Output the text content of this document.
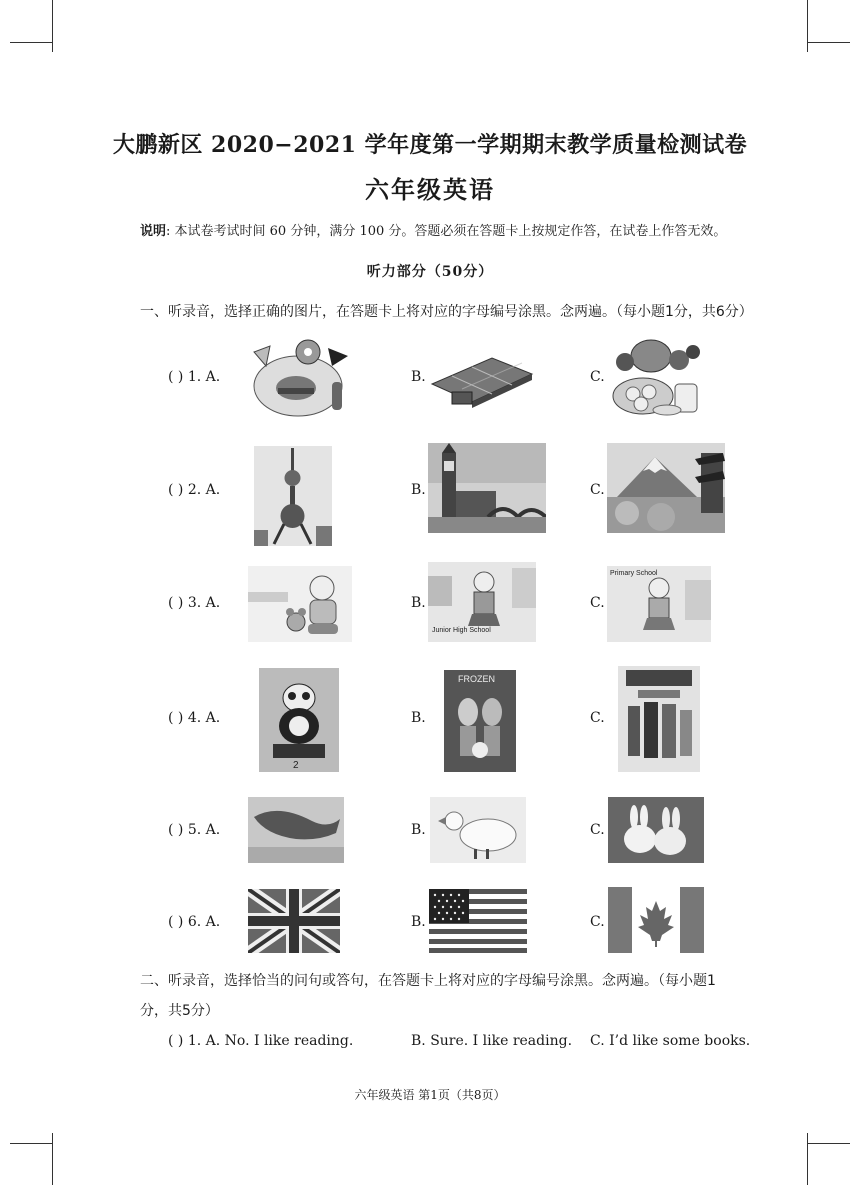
大鹏新区 2020−2021 学年度第一学期期末教学质量检测试卷
六年级英语
说明: 本试卷考试时间 60 分钟，满分 100 分。答题必须在答题卡上按规定作答，在试卷上作答无效。
听力部分（50分）
一、听录音，选择正确的图片，在答题卡上将对应的字母编号涂黑。念两遍。（每小题1分，共6分）
( ) 1. A.	B.	C.
( ) 2. A.	B.	C.
( ) 3. A.	B.	C.
( ) 4. A.	B.	C.
( ) 5. A.	B.	C.
( ) 6. A.	B.	C.
Junior High School
Primary School
2
FROZEN
二、听录音，选择恰当的问句或答句，在答题卡上将对应的字母编号涂黑。念两遍。（每小题1
分，共5分）
( ) 1. A. No. I like reading.	B. Sure. I like reading. C. I’d like some books.
六年级英语 第1页（共8页）
